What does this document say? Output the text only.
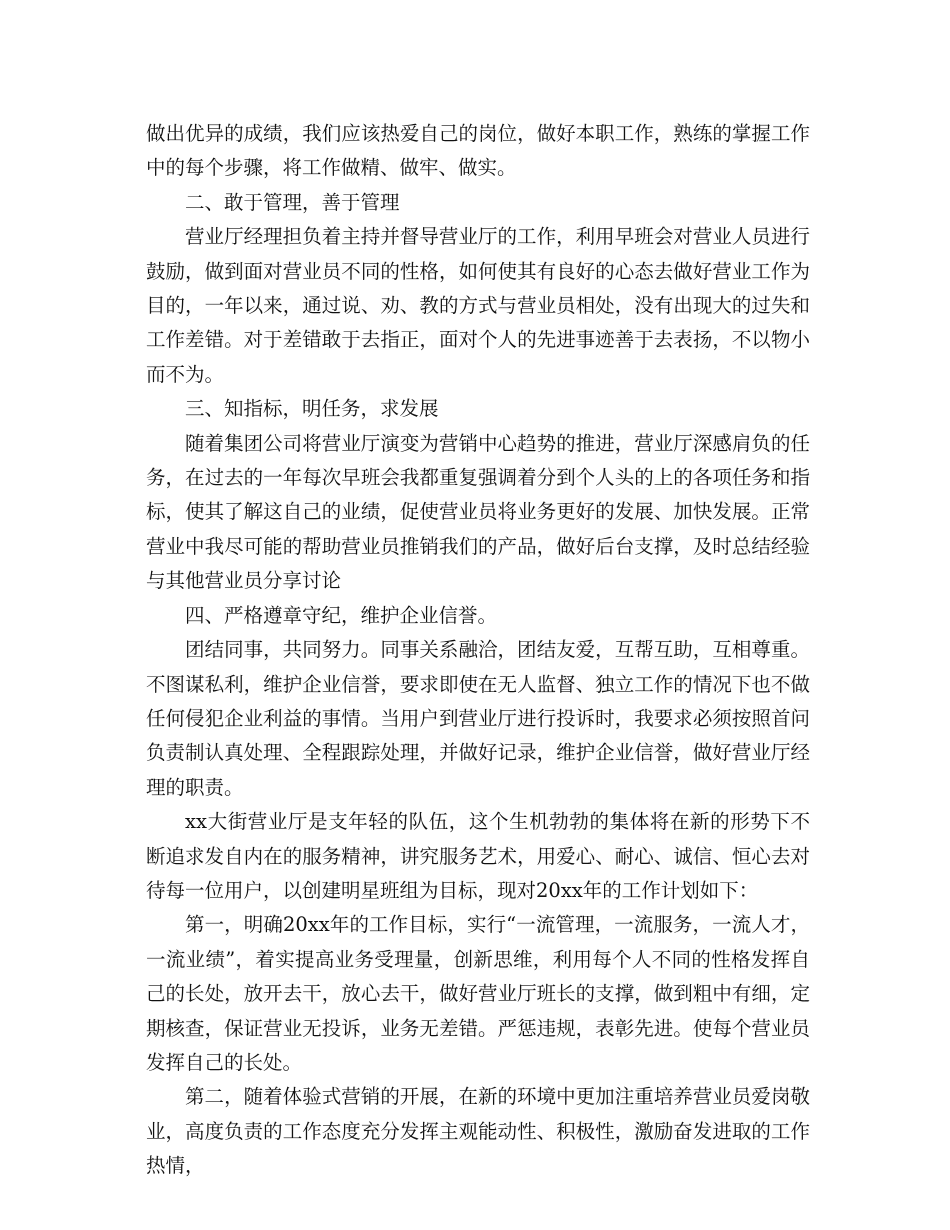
做出优异的成绩，我们应该热爱自己的岗位，做好本职工作，熟练的掌握工作中的每个步骤，将工作做精、做牢、做实。

二、敢于管理，善于管理

营业厅经理担负着主持并督导营业厅的工作，利用早班会对营业人员进行鼓励，做到面对营业员不同的性格，如何使其有良好的心态去做好营业工作为目的，一年以来，通过说、劝、教的方式与营业员相处，没有出现大的过失和工作差错。对于差错敢于去指正，面对个人的先进事迹善于去表扬，不以物小而不为。

三、知指标，明任务，求发展

随着集团公司将营业厅演变为营销中心趋势的推进，营业厅深感肩负的任务，在过去的一年每次早班会我都重复强调着分到个人头的上的各项任务和指标，使其了解这自己的业绩，促使营业员将业务更好的发展、加快发展。正常营业中我尽可能的帮助营业员推销我们的产品，做好后台支撑，及时总结经验与其他营业员分享讨论

四、严格遵章守纪，维护企业信誉。

团结同事，共同努力。同事关系融洽，团结友爱，互帮互助，互相尊重。不图谋私利，维护企业信誉，要求即使在无人监督、独立工作的情况下也不做任何侵犯企业利益的事情。当用户到营业厅进行投诉时，我要求必须按照首问负责制认真处理、全程跟踪处理，并做好记录，维护企业信誉，做好营业厅经理的职责。

xx大街营业厅是支年轻的队伍，这个生机勃勃的集体将在新的形势下不断追求发自内在的服务精神，讲究服务艺术，用爱心、耐心、诚信、恒心去对待每一位用户，以创建明星班组为目标，现对20xx年的工作计划如下：

第一，明确20xx年的工作目标，实行“一流管理，一流服务，一流人才，一流业绩”，着实提高业务受理量，创新思维，利用每个人不同的性格发挥自己的长处，放开去干，放心去干，做好营业厅班长的支撑，做到粗中有细，定期核查，保证营业无投诉，业务无差错。严惩违规，表彰先进。使每个营业员发挥自己的长处。

第二，随着体验式营销的开展，在新的环境中更加注重培养营业员爱岗敬业，高度负责的工作态度充分发挥主观能动性、积极性，激励奋发进取的工作热情，
